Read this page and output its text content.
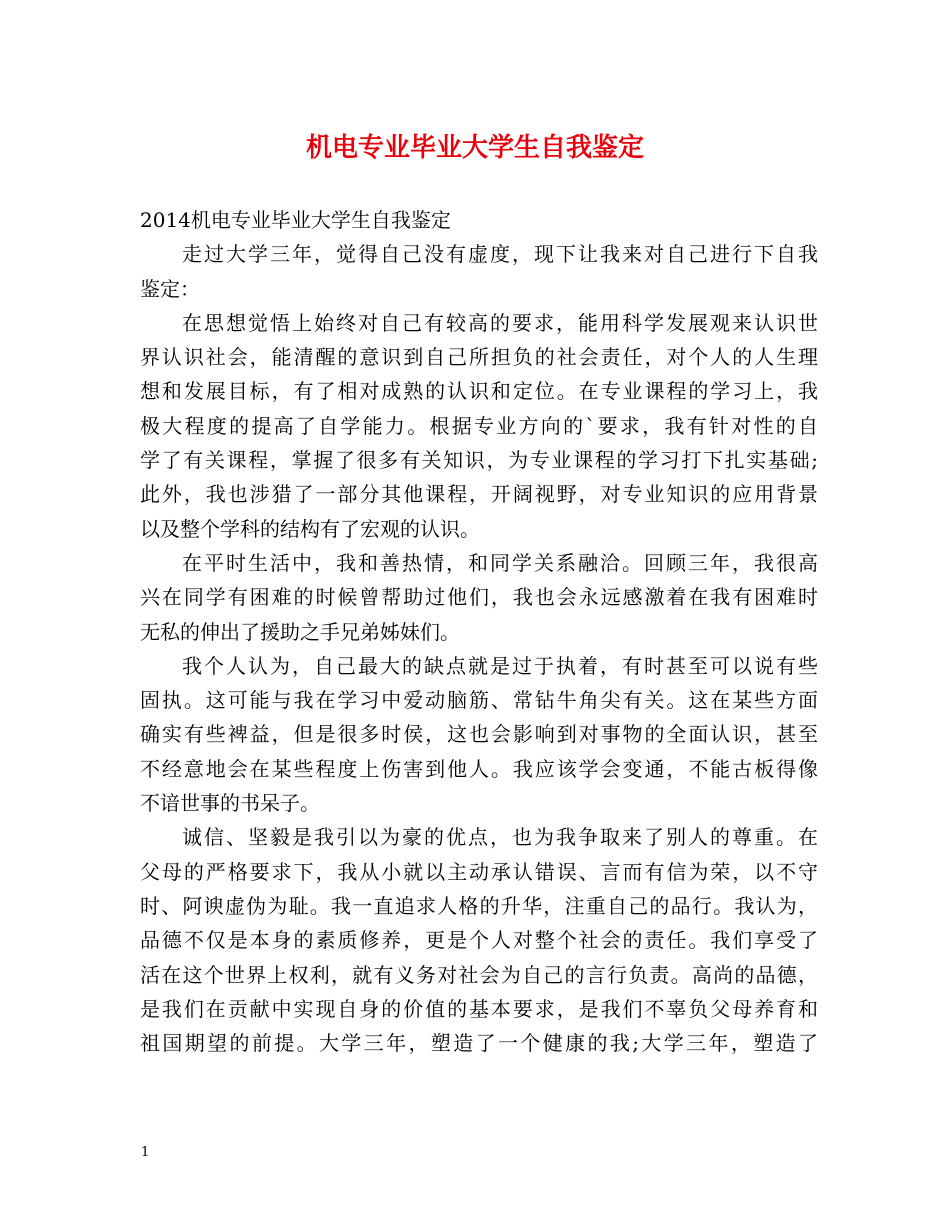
机电专业毕业大学生自我鉴定

2014机电专业毕业大学生自我鉴定

走过大学三年，觉得自己没有虚度，现下让我来对自己进行下自我

鉴定：

在思想觉悟上始终对自己有较高的要求，能用科学发展观来认识世

界认识社会，能清醒的意识到自己所担负的社会责任，对个人的人生理

想和发展目标，有了相对成熟的认识和定位。在专业课程的学习上，我

极大程度的提高了自学能力。根据专业方向的`要求，我有针对性的自

学了有关课程，掌握了很多有关知识，为专业课程的学习打下扎实基础;

此外，我也涉猎了一部分其他课程，开阔视野，对专业知识的应用背景

以及整个学科的结构有了宏观的认识。

在平时生活中，我和善热情，和同学关系融洽。回顾三年，我很高

兴在同学有困难的时候曾帮助过他们，我也会永远感激着在我有困难时

无私的伸出了援助之手兄弟姊妹们。

我个人认为，自己最大的缺点就是过于执着，有时甚至可以说有些

固执。这可能与我在学习中爱动脑筋、常钻牛角尖有关。这在某些方面

确实有些裨益，但是很多时侯，这也会影响到对事物的全面认识，甚至

不经意地会在某些程度上伤害到他人。我应该学会变通，不能古板得像

不谙世事的书呆子。

诚信、坚毅是我引以为豪的优点，也为我争取来了别人的尊重。在

父母的严格要求下，我从小就以主动承认错误、言而有信为荣，以不守

时、阿谀虚伪为耻。我一直追求人格的升华，注重自己的品行。我认为，

品德不仅是本身的素质修养，更是个人对整个社会的责任。我们享受了

活在这个世界上权利，就有义务对社会为自己的言行负责。高尚的品德，

是我们在贡献中实现自身的价值的基本要求，是我们不辜负父母养育和

祖国期望的前提。大学三年，塑造了一个健康的我;大学三年，塑造了

1
